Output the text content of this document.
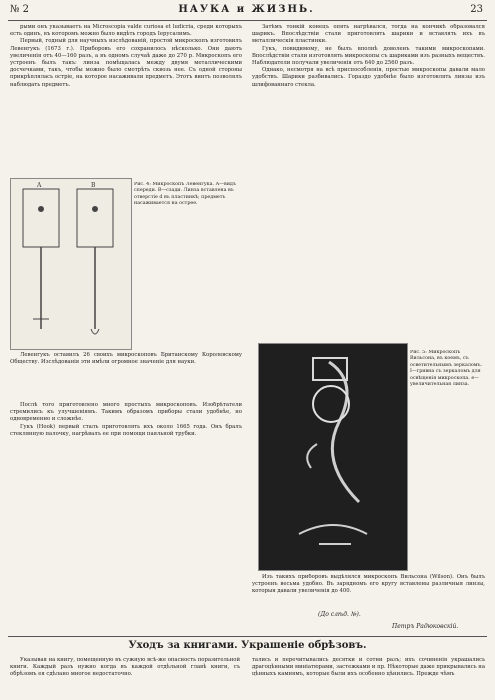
№ 2	НАУКА и ЖИЗНЬ.	23

рыми онъ указываетъ на Microscopia valde curiosa et ludicria, среди которыхъ есть одинъ, въ которомъ можно было видѣть городъ Іерусалимъ.

Первый, годный для научныхъ изслѣдованій, простой микроскопъ изготовилъ Левенгукъ (1673 г.). Приборовъ его сохранилось нѣсколько. Они даютъ увеличенія отъ 40—160 разъ, а въ одномъ случаѣ даже до 270 р. Микроскопъ его устроенъ былъ такъ: линза помѣщалась между двумя металлическими досчечками, такъ, чтобы можно было смотрѣть сквозь нее. Съ одной стороны прикрѣплялась остріе, на которое насаживали предметъ. Этотъ винтъ позволялъ наблюдать предметъ.

A	B	Рис. 4: Микроскопъ Левенгука. А—видъ спереди. В—сзади. Линза вставлена въ отверстіе d въ пластинкѣ; предметъ насаживается на острее.

Левенгукъ оставилъ 26 своихъ микроскоповъ Британскому Королевскому Обществу. Изслѣдованія эти имѣли огромное значеніе для науки.

Послѣ того приготовлено много простыхъ микроскоповъ. Изобрѣтатели стремились къ улучшеніямъ. Такимъ образомъ приборы стали удобнѣе, но одновременно и сложнѣе.

Гукъ (Hook) первый сталъ приготовлять ихъ около 1665 года. Онъ бралъ стеклянную палочку, нагрѣвалъ ее при помощи паяльной трубки.

Затѣмъ тонкій конецъ опять нагрѣвался, тогда на кончикѣ образовался шарикъ. Впослѣдствіи стали приготовлять шарики и вставлять ихъ въ металлическія пластинки.

Гукъ, повидимому, не былъ вполнѣ доволенъ такими микроскопами. Впослѣдствіи стали изготовлять микроскопы съ шариками изъ разныхъ веществъ. Наблюдатели получали увеличенія отъ 640 до 2560 разъ.

Однако, несмотря на всѣ приспособленія, простые микроскопы давали мало удобствъ. Шарики разбивались. Гораздо удобнѣе было изготовлять линзы изъ шлифованнаго стекла.

Рис. 5: Микроскопъ Вильсона, въ коемъ, съ осветительнымъ зеркаломъ. I—гривна съ зеркаломъ для освѣщенія микроскопа. e—увеличительная линза.

Изъ такихъ приборовъ выдѣлялся микроскопъ Вильсона (Wilson). Онъ былъ устроенъ весьма удобно. Въ зарядномъ его кругу вставлены различныя линзы, которыя давали увеличенія до 400.

(До слѣд. №).
Петръ Радюковскій.
Уходъ за книгами. Украшеніе обрѣзовъ.

Указывая на книгу, помещенную въ сужную всѣ-же опасность поразительной книги. Каждый разъ нужно когда въ каждой отдѣльной главѣ книги, съ обрѣзомъ ея сдѣлано многое недостаточно.

тались и перечитывались десятки и сотни разъ; ихъ сочиненія украшались драгоцѣнными миніатюрами, застежками и пр. Нѣкоторые даже прикрывались на цѣнныхъ камнямъ, которые были ихъ особенно цѣнились. Прежде чѣмъ
